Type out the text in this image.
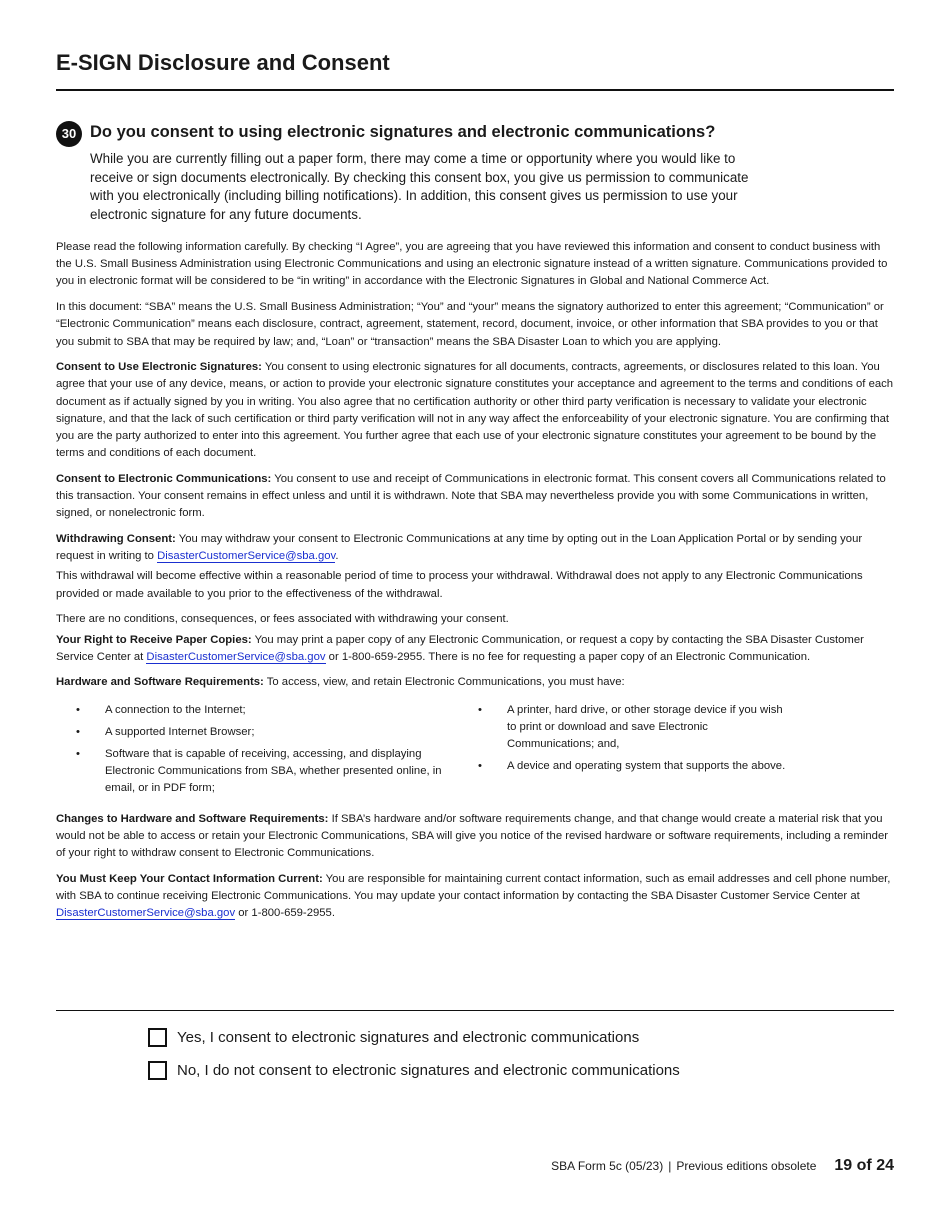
E-SIGN Disclosure and Consent
30 Do you consent to using electronic signatures and electronic communications?
While you are currently filling out a paper form, there may come a time or opportunity where you would like to receive or sign documents electronically. By checking this consent box, you give us permission to communicate with you electronically (including billing notifications). In addition, this consent gives us permission to use your electronic signature for any future documents.

Please read the following information carefully. By checking “I Agree”, you are agreeing that you have reviewed this information and consent to conduct business with the U.S. Small Business Administration using Electronic Communications and using an electronic signature instead of a written signature. Communications provided to you in electronic format will be considered to be “in writing” in accordance with the Electronic Signatures in Global and National Commerce Act.

In this document: “SBA” means the U.S. Small Business Administration; “You” and “your” means the signatory authorized to enter this agreement; “Communication” or “Electronic Communication” means each disclosure, contract, agreement, statement, record, document, invoice, or other information that SBA provides to you or that you submit to SBA that may be required by law; and, “Loan” or “transaction” means the SBA Disaster Loan to which you are applying.

Consent to Use Electronic Signatures: You consent to using electronic signatures for all documents, contracts, agreements, or disclosures related to this loan. You agree that your use of any device, means, or action to provide your electronic signature constitutes your acceptance and agreement to the terms and conditions of each document as if actually signed by you in writing. You also agree that no certification authority or other third party verification is necessary to validate your electronic signature, and that the lack of such certification or third party verification will not in any way affect the enforceability of your electronic signature. You are confirming that you are the party authorized to enter into this agreement. You further agree that each use of your electronic signature constitutes your agreement to be bound by the terms and conditions of each document.

Consent to Electronic Communications: You consent to use and receipt of Communications in electronic format. This consent covers all Communications related to this transaction. Your consent remains in effect unless and until it is withdrawn. Note that SBA may nevertheless provide you with some Communications in written, signed, or nonelectronic form.

Withdrawing Consent: You may withdraw your consent to Electronic Communications at any time by opting out in the Loan Application Portal or by sending your request in writing to DisasterCustomerService@sba.gov.

This withdrawal will become effective within a reasonable period of time to process your withdrawal. Withdrawal does not apply to any Electronic Communications provided or made available to you prior to the effectiveness of the withdrawal.

There are no conditions, consequences, or fees associated with withdrawing your consent.

Your Right to Receive Paper Copies: You may print a paper copy of any Electronic Communication, or request a copy by contacting the SBA Disaster Customer Service Center at DisasterCustomerService@sba.gov or 1-800-659-2955. There is no fee for requesting a paper copy of an Electronic Communication.

Hardware and Software Requirements: To access, view, and retain Electronic Communications, you must have:

• A connection to the Internet;
• A supported Internet Browser;
• Software that is capable of receiving, accessing, and displaying Electronic Communications from SBA, whether presented online, in email, or in PDF form;
• A printer, hard drive, or other storage device if you wish to print or download and save Electronic Communications; and,
• A device and operating system that supports the above.

Changes to Hardware and Software Requirements: If SBA’s hardware and/or software requirements change, and that change would create a material risk that you would not be able to access or retain your Electronic Communications, SBA will give you notice of the revised hardware or software requirements, including a reminder of your right to withdraw consent to Electronic Communications.

You Must Keep Your Contact Information Current: You are responsible for maintaining current contact information, such as email addresses and cell phone number, with SBA to continue receiving Electronic Communications. You may update your contact information by contacting the SBA Disaster Customer Service Center at DisasterCustomerService@sba.gov or 1-800-659-2955.

Yes, I consent to electronic signatures and electronic communications
No, I do not consent to electronic signatures and electronic communications
SBA Form 5c (05/23) | Previous editions obsolete 19 of 24
